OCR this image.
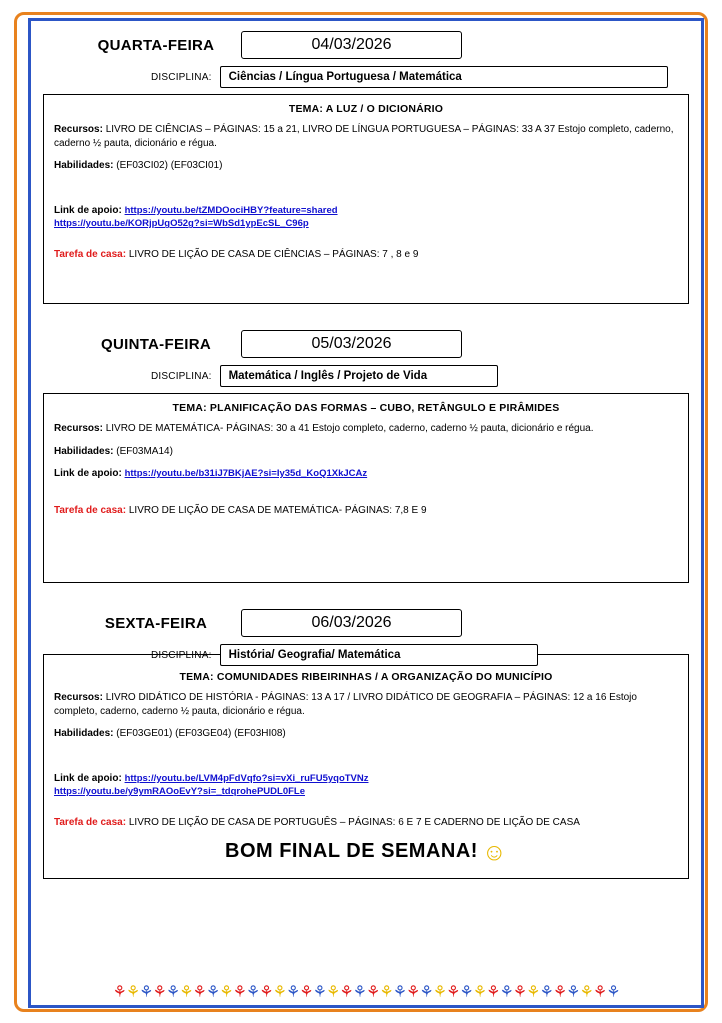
QUARTA-FEIRA	04/03/2026
DISCIPLINA:	Ciências / Língua Portuguesa / Matemática
TEMA: A LUZ / O DICIONÁRIO
Recursos: LIVRO DE CIÊNCIAS – PÁGINAS: 15 a 21, LIVRO DE LÍNGUA PORTUGUESA – PÁGINAS: 33 A 37 Estojo completo, caderno, caderno ½ pauta, dicionário e régua.
Habilidades: (EF03CI02) (EF03CI01)
Link de apoio: https://youtu.be/tZMDOociHBY?feature=shared
https://youtu.be/KORjpUgO52g?si=WbSd1ypEcSL_C96p
Tarefa de casa: LIVRO DE LIÇÃO DE CASA DE CIÊNCIAS – PÁGINAS: 7 , 8 e 9
QUINTA-FEIRA	05/03/2026
DISCIPLINA:	Matemática / Inglês / Projeto de Vida
TEMA: PLANIFICAÇÃO DAS FORMAS – CUBO, RETÂNGULO E PIRÂMIDES
Recursos: LIVRO DE MATEMÁTICA- PÁGINAS: 30 a 41 Estojo completo, caderno, caderno ½ pauta, dicionário e régua.
Habilidades: (EF03MA14)
Link de apoio: https://youtu.be/b31iJ7BKjAE?si=Iy35d_KoQ1XkJCAz
Tarefa de casa: LIVRO DE LIÇÃO DE CASA DE MATEMÁTICA- PÁGINAS: 7,8 E 9
SEXTA-FEIRA	06/03/2026
DISCIPLINA:	História/ Geografia/ Matemática
TEMA: COMUNIDADES RIBEIRINHAS / A ORGANIZAÇÃO DO MUNICÍPIO
Recursos: LIVRO DIDÁTICO DE HISTÓRIA - PÁGINAS: 13 A 17 / LIVRO DIDÁTICO DE GEOGRAFIA – PÁGINAS: 12 a 16 Estojo completo, caderno, caderno ½ pauta, dicionário e régua.
Habilidades: (EF03GE01) (EF03GE04) (EF03HI08)
Link de apoio: https://youtu.be/LVM4pFdVqfo?si=vXi_ruFU5yqoTVNz
https://youtu.be/y9ymRAOoEvY?si=_tdqrohePUDL0FLe
Tarefa de casa: LIVRO DE LIÇÃO DE CASA DE PORTUGUÊS – PÁGINAS: 6 E 7 E CADERNO DE LIÇÃO DE CASA
BOM FINAL DE SEMANA! ☺
⚘⚘⚘⚘⚘⚘⚘⚘⚘⚘⚘⚘⚘⚘⚘⚘⚘⚘⚘⚘⚘⚘⚘⚘⚘⚘⚘⚘⚘⚘⚘⚘⚘⚘⚘⚘⚘⚘
